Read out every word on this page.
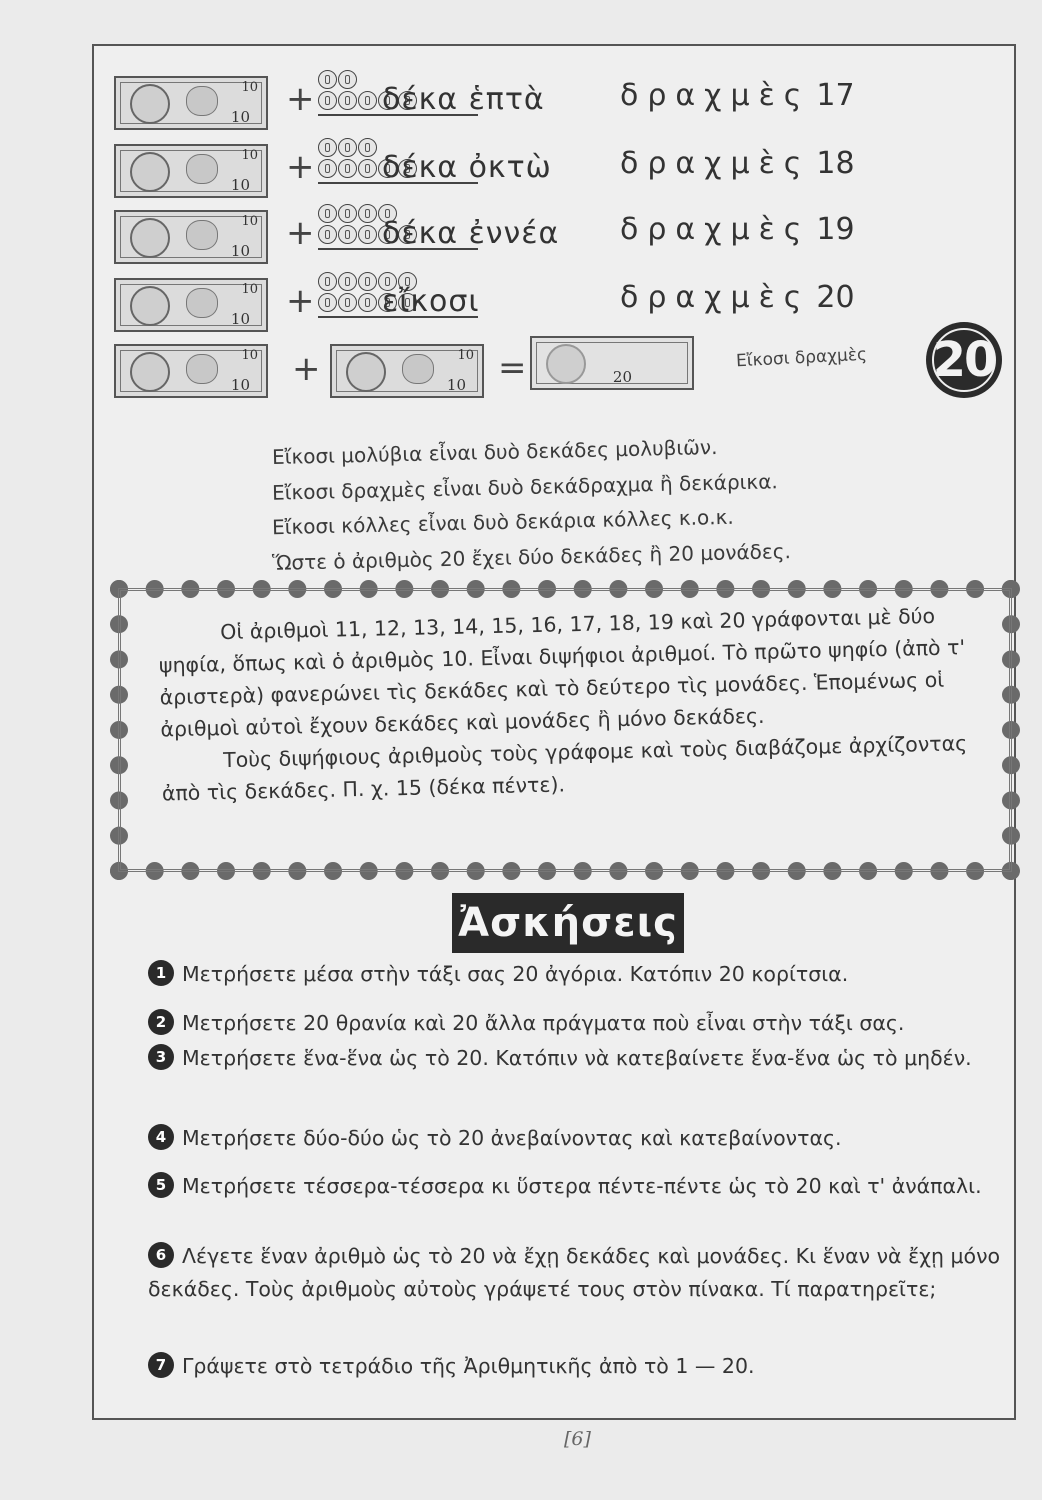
10
10 + δέκα ἑπτὰ	δραχμὲς 17
10
10 + δέκα ὀκτὼ δραχμὲς 18
10
10 + δέκα ἐννέα δραχμὲς 19
10
10 + εἴκοσι	δραχμὲς 20
10
10 +	10
10 =	20
Εἴκοσι δραχμὲς 20
Εἴκοσι μολύβια εἶναι δυὸ δεκάδες μολυβιῶν.
Εἴκοσι δραχμὲς εἶναι δυὸ δεκάδραχμα ἢ δεκάρικα.
Εἴκοσι κόλλες εἶναι δυὸ δεκάρια κόλλες κ.ο.κ.
Ὥστε ὁ ἀριθμὸς 20 ἔχει δύο δεκάδες ἢ 20 μονάδες.

Οἱ ἀριθμοὶ 11, 12, 13, 14, 15, 16, 17, 18, 19 καὶ 20 γράφονται μὲ δύο ψηφία, ὅπως καὶ ὁ ἀριθμὸς 10. Εἶναι διψήφιοι ἀριθμοί. Τὸ πρῶτο ψηφίο (ἀπὸ τ' ἀριστερὰ) φανερώνει τὶς δεκάδες καὶ τὸ δεύτερο τὶς μονάδες. Ἑπομένως οἱ ἀριθμοὶ αὐτοὶ ἔχουν δεκάδες καὶ μονάδες ἢ μόνο δεκάδες.

Τοὺς διψήφιους ἀριθμοὺς τοὺς γράφομε καὶ τοὺς διαβάζομε ἀρχίζοντας ἀπὸ τὶς δεκάδες. Π. χ. 15 (δέκα πέντε).

Ἀσκήσεις
1 Μετρήσετε μέσα στὴν τάξι σας 20 ἀγόρια. Κατόπιν 20 κορίτσια.
2 Μετρήσετε 20 θρανία καὶ 20 ἄλλα πράγματα ποὺ εἶναι στὴν τάξι σας.
3 Μετρήσετε ἕνα-ἕνα ὡς τὸ 20. Κατόπιν νὰ κατεβαίνετε ἕνα-ἕνα ὡς τὸ μηδέν.
4 Μετρήσετε δύο-δύο ὡς τὸ 20 ἀνεβαίνοντας καὶ κατεβαίνοντας.
5 Μετρήσετε τέσσερα-τέσσερα κι ὕστερα πέντε-πέντε ὡς τὸ 20 καὶ τ' ἀνάπαλι.
6 Λέγετε ἕναν ἀριθμὸ ὡς τὸ 20 νὰ ἔχῃ δεκάδες καὶ μονάδες. Κι ἕναν νὰ ἔχῃ μόνο δεκάδες. Τοὺς ἀριθμοὺς αὐτοὺς γράψετέ τους στὸν πίνακα. Τί παρατηρεῖτε;
7 Γράψετε στὸ τετράδιο τῆς Ἀριθμητικῆς ἀπὸ τὸ 1 — 20.
[6]
